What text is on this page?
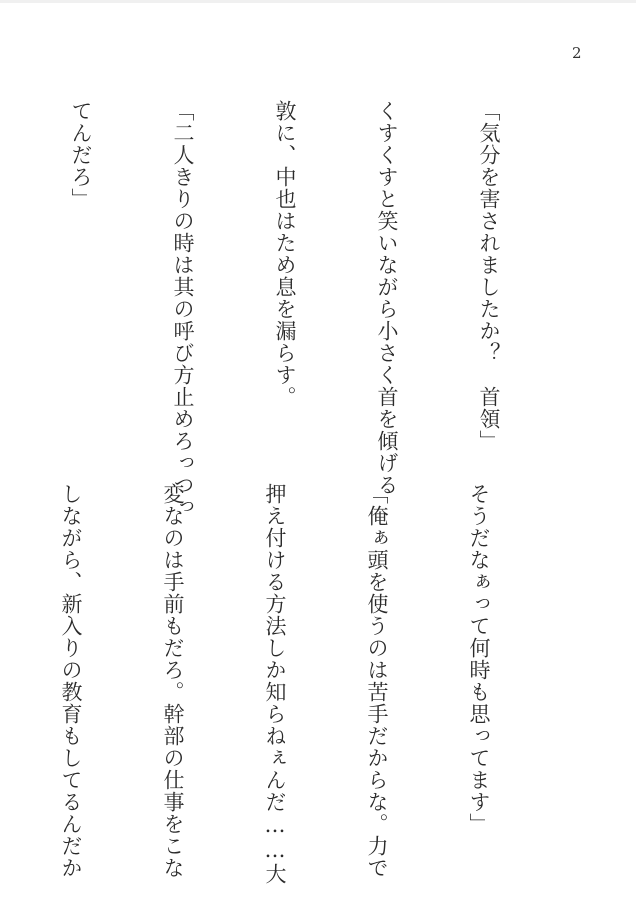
2

「気分を害されましたか？　首領」

くすくすと笑いながら小さく首を傾げる

敦に、中也はため息を漏らす。

「二人きりの時は其の呼び方止めろっつっ

てんだろ」

そうだなぁって何時も思ってます」

「俺ぁ頭を使うのは苦手だからな。力で

押え付ける方法しか知らねぇんだ……大

変なのは手前もだろ。幹部の仕事をこな

しながら、新入りの教育もしてるんだか
